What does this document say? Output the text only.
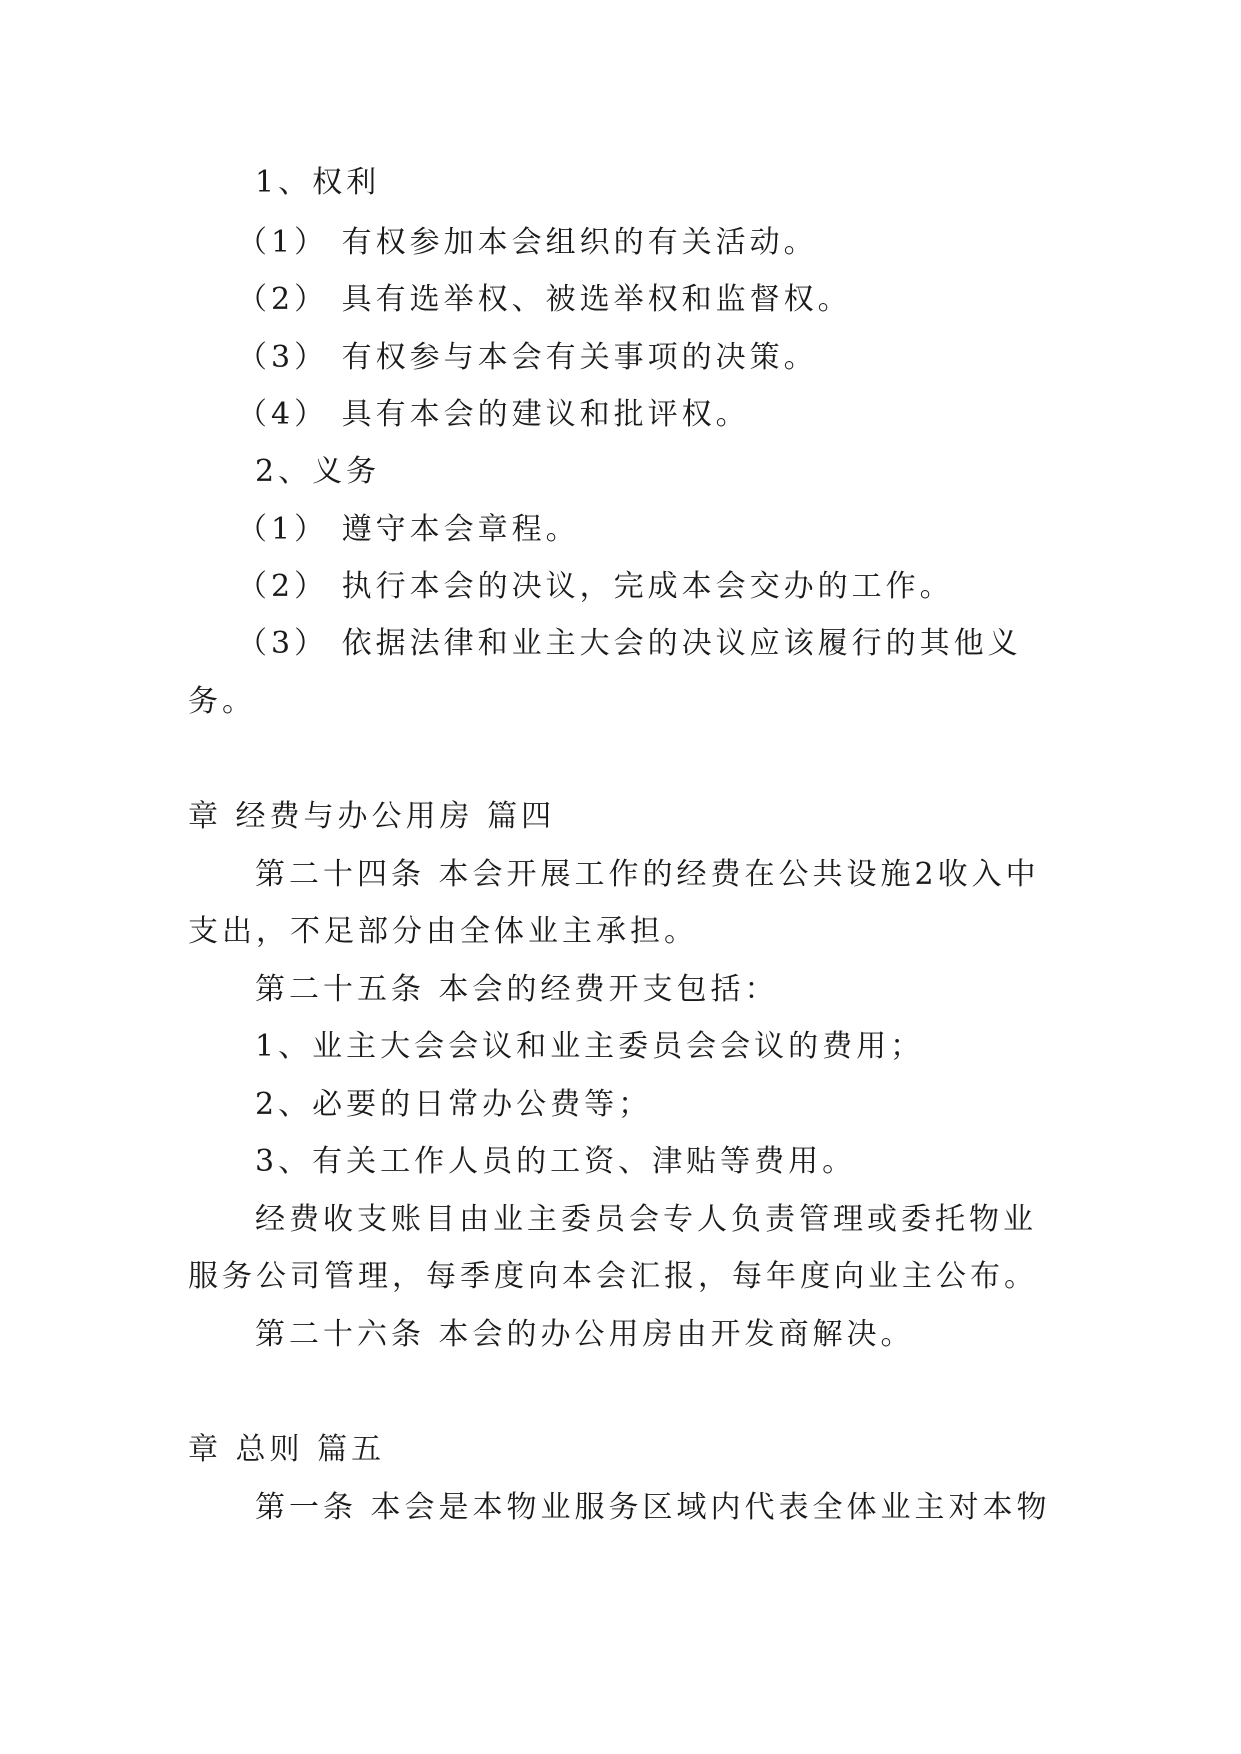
1、权利
（1） 有权参加本会组织的有关活动。
（2） 具有选举权、被选举权和监督权。
（3） 有权参与本会有关事项的决策。
（4） 具有本会的建议和批评权。
2、义务
（1） 遵守本会章程。
（2） 执行本会的决议，完成本会交办的工作。
（3） 依据法律和业主大会的决议应该履行的其他义
务。
章 经费与办公用房 篇四
第二十四条 本会开展工作的经费在公共设施2收入中
支出，不足部分由全体业主承担。
第二十五条 本会的经费开支包括：
1、业主大会会议和业主委员会会议的费用；
2、必要的日常办公费等；
3、有关工作人员的工资、津贴等费用。
经费收支账目由业主委员会专人负责管理或委托物业
服务公司管理，每季度向本会汇报，每年度向业主公布。
第二十六条 本会的办公用房由开发商解决。
章 总则 篇五
第一条 本会是本物业服务区域内代表全体业主对本物
